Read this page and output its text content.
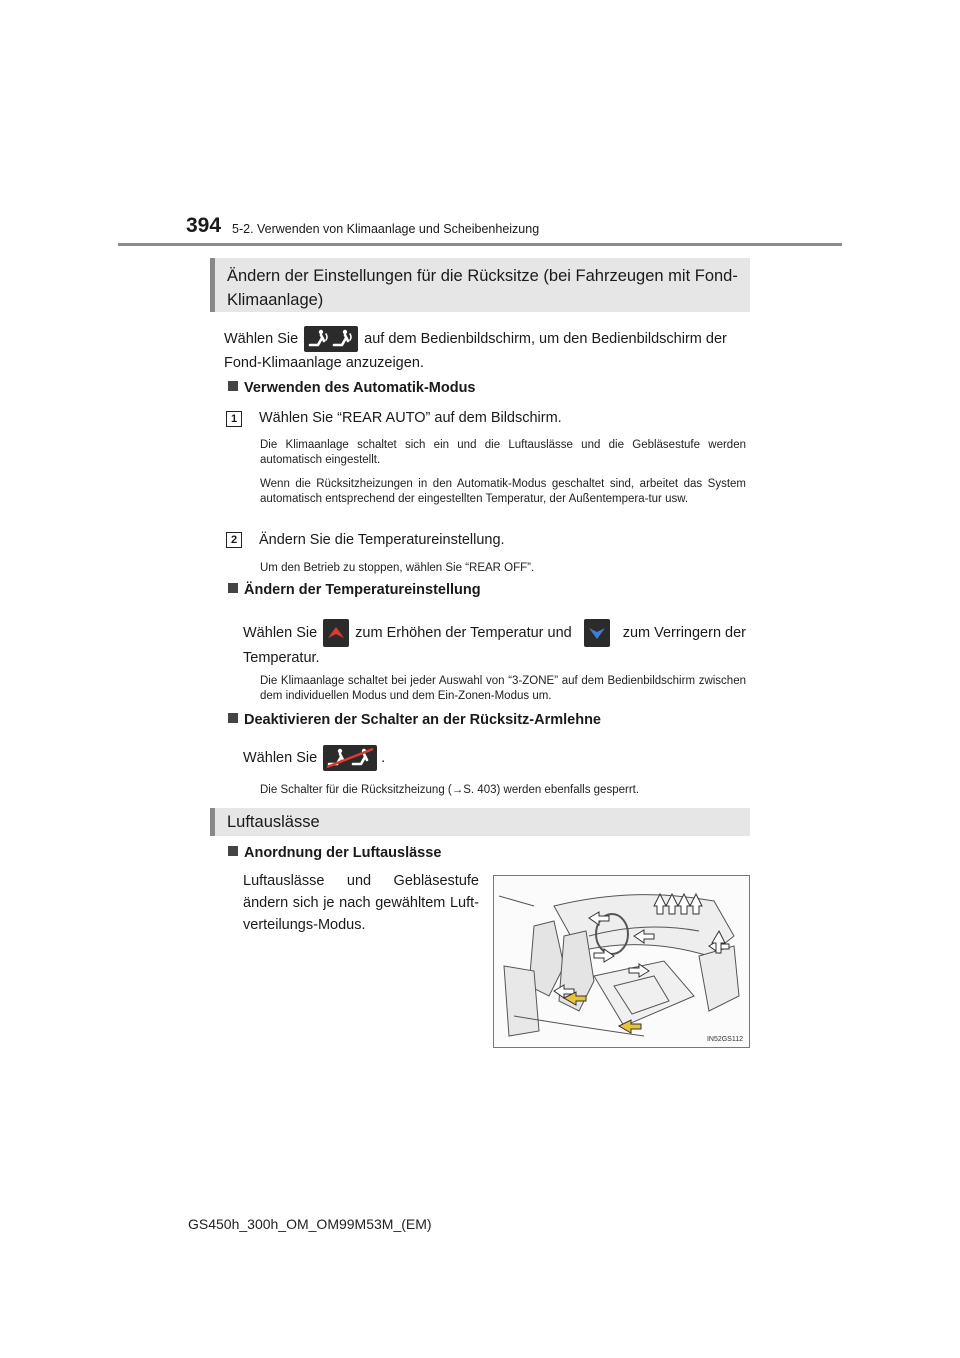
394 5-2. Verwenden von Klimaanlage und Scheibenheizung
Ändern der Einstellungen für die Rücksitze (bei Fahrzeugen mit Fond-
Klimaanlage)
Wählen Sie	auf dem Bedienbildschirm, um den Bedienbildschirm der
Fond-Klimaanlage anzuzeigen.
Verwenden des Automatik-Modus
1	Wählen Sie “REAR AUTO” auf dem Bildschirm.
Die Klimaanlage schaltet sich ein und die Luftauslässe und die Gebläsestufe werden automatisch eingestellt.
Wenn die Rücksitzheizungen in den Automatik-Modus geschaltet sind, arbeitet das System automatisch entsprechend der eingestellten Temperatur, der Außentempera-tur usw.
2	Ändern Sie die Temperatureinstellung.
Um den Betrieb zu stoppen, wählen Sie “REAR OFF”.
Ändern der Temperatureinstellung
Wählen Sie	zum Erhöhen der Temperatur und	zum Verringern der
Temperatur.
Die Klimaanlage schaltet bei jeder Auswahl von “3-ZONE” auf dem Bedienbildschirm zwischen dem individuellen Modus und dem Ein-Zonen-Modus um.
Deaktivieren der Schalter an der Rücksitz-Armlehne
Wählen Sie	.
Die Schalter für die Rücksitzheizung (→S. 403) werden ebenfalls gesperrt.
Luftauslässe
Anordnung der Luftauslässe
Luftauslässe und Gebläsestufe ändern sich je nach gewähltem Luft-verteilungs-Modus.
IN52GS112
GS450h_300h_OM_OM99M53M_(EM)
